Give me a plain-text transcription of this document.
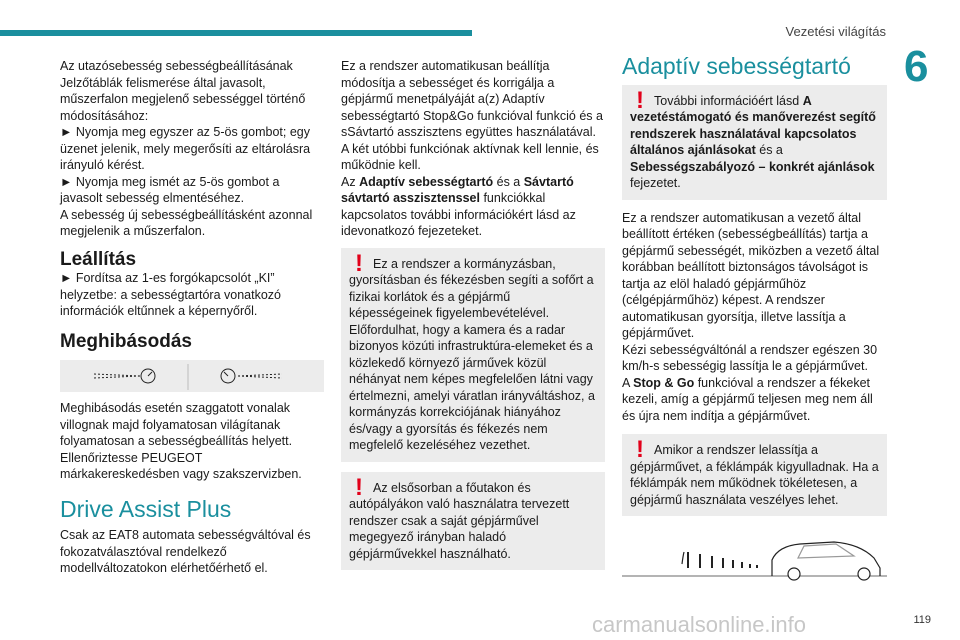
Vezetési világítás
6

Az utazósebesség sebességbeállításának

Jelzőtáblák felismerése által javasolt,

műszerfalon megjelenő sebességgel történő

módosításához:

► Nyomja meg egyszer az 5-ös gombot; egy üzenet jelenik, mely megerősíti az eltárolásra irányuló kérést.

► Nyomja meg ismét az 5-ös gombot a javasolt sebesség elmentéséhez.

A sebesség új sebességbeállításként azonnal megjelenik a műszerfalon.

Leállítás

► Fordítsa az 1-es forgókapcsolót „KI” helyzetbe: a sebességtartóra vonatkozó információk eltűnnek a képernyőről.

Meghibásodás

Meghibásodás esetén szaggatott vonalak villognak majd folyamatosan világítanak folyamatosan a sebességbeállítás helyett. Ellenőriztesse PEUGEOT márkakereskedésben vagy szakszervizben.

Drive Assist Plus

Csak az EAT8 automata sebességváltóval és fokozatválasztóval rendelkező modellváltozatokon elérhetőérhető el.

Ez a rendszer automatikusan beállítja módosítja a sebességet és korrigálja a gépjármű menetpályáját a(z) Adaptív sebességtartó Stop&Go funkcióval funkció és a sSávtartó asszisztens együttes használatával.

A két utóbbi funkciónak aktívnak kell lennie, és működnie kell.

Az Adaptív sebességtartó és a Sávtartó sávtartó asszisztenssel funkciókkal kapcsolatos további információkért lásd az idevonatkozó fejezeteket.

! Ez a rendszer a kormányzásban, gyorsításban és fékezésben segíti a sofőrt a fizikai korlátok és a gépjármű képességeinek figyelembevételével. Előfordulhat, hogy a kamera és a radar bizonyos közúti infrastruktúra-elemeket és a közlekedő környező járművek közül néhányat nem képes megfelelően látni vagy értelmezni, amelyi váratlan irányváltáshoz, a kormányzás korrekciójának hiányához és/vagy a gyorsítás és fékezés nem megfelelő kezeléséhez vezethet.

! Az elsősorban a főutakon és autópályákon való használatra tervezett rendszer csak a saját gépjárművel megegyező irányban haladó gépjárművekkel használható.

Adaptív sebességtartó
! További információért lásd A vezetéstámogató és manőverezést segítő rendszerek használatával kapcsolatos általános ajánlásokat és a Sebességszabályozó – konkrét ajánlások fejezetet.

Ez a rendszer automatikusan a vezető által beállított értéken (sebességbeállítás) tartja a gépjármű sebességét, miközben a vezető által korábban beállított biztonságos távolságot is tartja az elöl haladó gépjárműhöz (célgépjárműhöz) képest. A rendszer automatikusan gyorsítja, illetve lassítja a gépjárművet.

Kézi sebességváltónál a rendszer egészen 30 km/h-s sebességig lassítja le a gépjárművet.

A Stop & Go funkcióval a rendszer a fékeket kezeli, amíg a gépjármű teljesen meg nem áll és újra nem indítja a gépjárművet.

! Amikor a rendszer lelassítja a gépjárművet, a féklámpák kigyulladnak. Ha a féklámpák nem működnek tökéletesen, a gépjármű használata veszélyes lehet.

carmanualsonline.info	119
